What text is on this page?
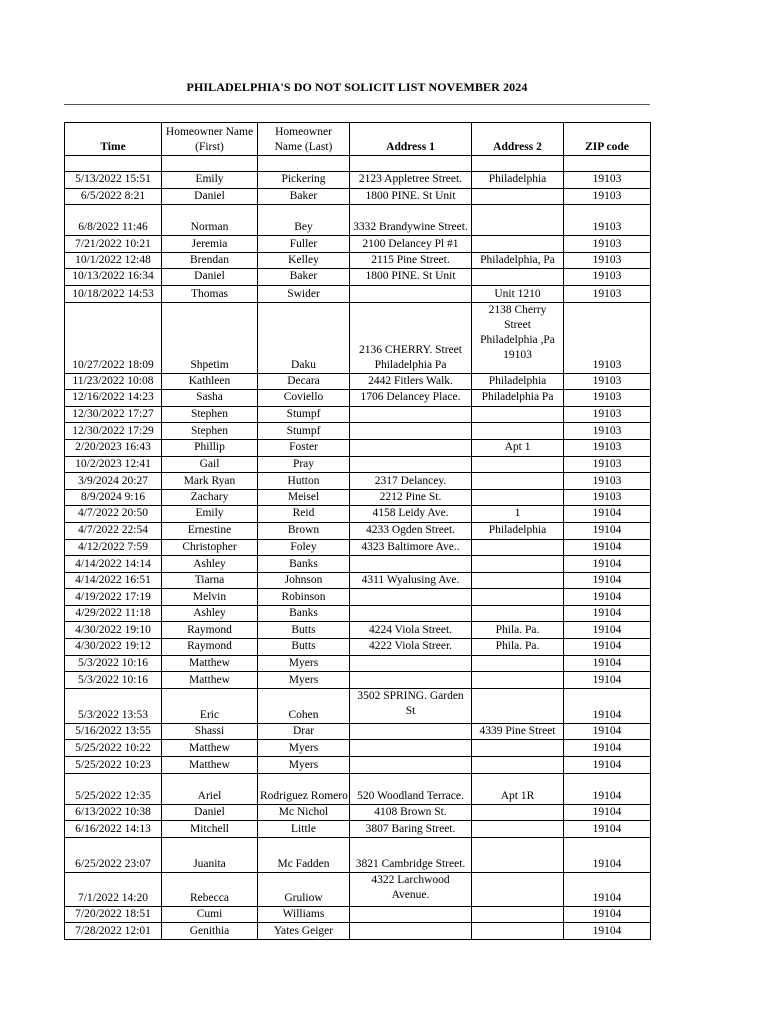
PHILADELPHIA'S DO NOT SOLICIT LIST NOVEMBER 2024
Time	Homeowner Name (First)	Homeowner Name (Last)	Address 1	Address 2	ZIP code

5/13/2022 15:51	Emily	Pickering	2123 Appletree Street.	Philadelphia	19103
6/5/2022 8:21	Daniel	Baker	1800 PINE. St Unit		19103
6/8/2022 11:46	Norman	Bey	3332 Brandywine Street.		19103
7/21/2022 10:21	Jeremia	Fuller	2100 Delancey Pl #1		19103
10/1/2022 12:48	Brendan	Kelley	2115 Pine Street.	Philadelphia, Pa	19103
10/13/2022 16:34	Daniel	Baker	1800 PINE. St Unit		19103
10/18/2022 14:53	Thomas	Swider		Unit 1210	19103
10/27/2022 18:09	Shpetim	Daku	2136 CHERRY. Street Philadelphia Pa	2138 Cherry Street Philadelphia ,Pa 19103	19103
11/23/2022 10:08	Kathleen	Decara	2442 Fitlers Walk.	Philadelphia	19103
12/16/2022 14:23	Sasha	Coviello	1706 Delancey Place.	Philadelphia Pa	19103
12/30/2022 17:27	Stephen	Stumpf			19103
12/30/2022 17:29	Stephen	Stumpf			19103
2/20/2023 16:43	Phillip	Foster		Apt 1	19103
10/2/2023 12:41	Gail	Pray			19103
3/9/2024 20:27	Mark Ryan	Hutton	2317 Delancey.		19103
8/9/2024 9:16	Zachary	Meisel	2212 Pine St.		19103
4/7/2022 20:50	Emily	Reid	4158 Leidy Ave.	1	19104
4/7/2022 22:54	Ernestine	Brown	4233 Ogden Street.	Philadelphia	19104
4/12/2022 7:59	Christopher	Foley	4323 Baltimore Ave..		19104
4/14/2022 14:14	Ashley	Banks			19104
4/14/2022 16:51	Tiarna	Johnson	4311 Wyalusing Ave.		19104
4/19/2022 17:19	Melvin	Robinson			19104
4/29/2022 11:18	Ashley	Banks			19104
4/30/2022 19:10	Raymond	Butts	4224 Viola Street.	Phila. Pa.	19104
4/30/2022 19:12	Raymond	Butts	4222 Viola Streer.	Phila. Pa.	19104
5/3/2022 10:16	Matthew	Myers			19104
5/3/2022 10:16	Matthew	Myers			19104
5/3/2022 13:53	Eric	Cohen	3502 SPRING. Garden St		19104
5/16/2022 13:55	Shassi	Drar		4339 Pine Street	19104
5/25/2022 10:22	Matthew	Myers			19104
5/25/2022 10:23	Matthew	Myers			19104
5/25/2022 12:35	Ariel	Rodriguez Romero	520 Woodland Terrace.	Apt 1R	19104
6/13/2022 10:38	Daniel	Mc Nichol	4108 Brown St.		19104
6/16/2022 14:13	Mitchell	Little	3807 Baring Street.		19104
6/25/2022 23:07	Juanita	Mc Fadden	3821 Cambridge Street.		19104
7/1/2022 14:20	Rebecca	Gruliow	4322 Larchwood Avenue.		19104
7/20/2022 18:51	Cumi	Williams			19104
7/28/2022 12:01	Genithia	Yates Geiger			19104
